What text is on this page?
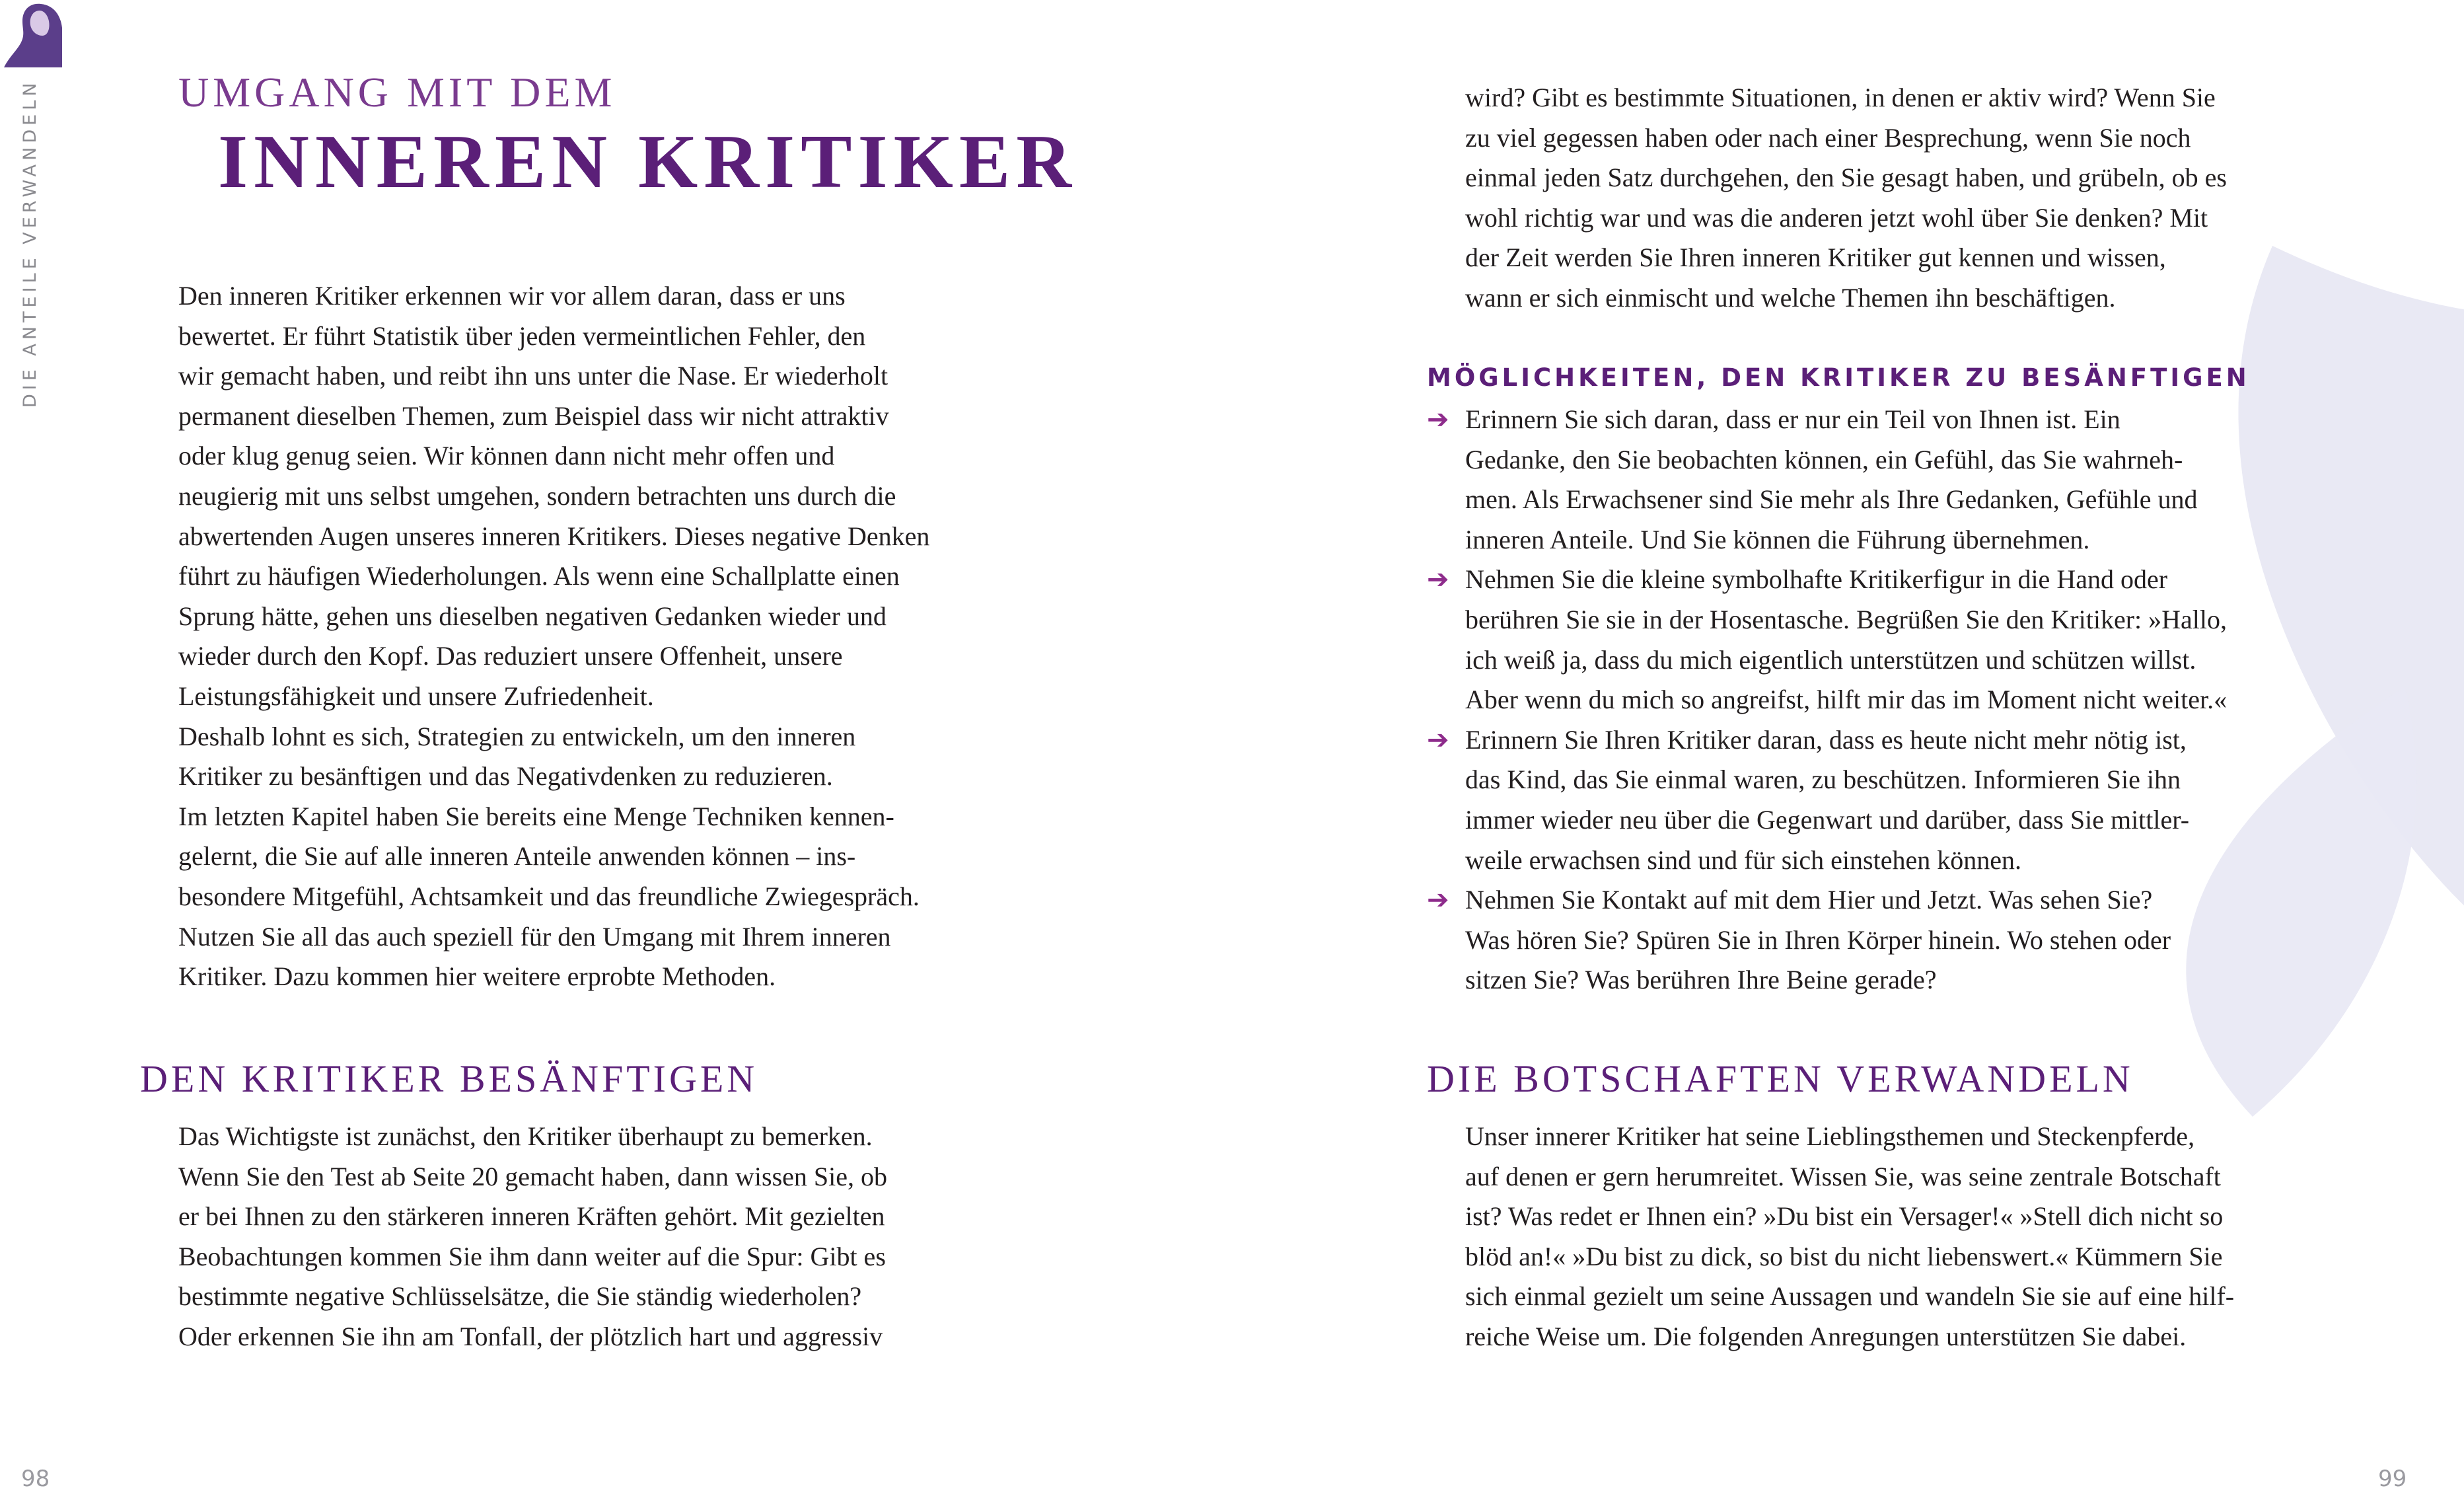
DIE ANTEILE VERWANDELN	UMGANG MIT DEM
INNEREN KRITIKER

Den inneren Kritiker erkennen wir vor allem daran, dass er uns

bewertet. Er führt Statistik über jeden vermeintlichen Fehler, den

wir gemacht haben, und reibt ihn uns unter die Nase. Er wiederholt

permanent dieselben Themen, zum Beispiel dass wir nicht attraktiv

oder klug genug seien. Wir können dann nicht mehr offen und

neugierig mit uns selbst umgehen, sondern betrachten uns durch die

abwertenden Augen unseres inneren Kritikers. Dieses negative Denken

führt zu häufigen Wiederholungen. Als wenn eine Schallplatte einen

Sprung hätte, gehen uns dieselben negativen Gedanken wieder und

wieder durch den Kopf. Das reduziert unsere Offenheit, unsere

Leistungsfähigkeit und unsere Zufriedenheit.

Deshalb lohnt es sich, Strategien zu entwickeln, um den inneren

Kritiker zu besänftigen und das Negativdenken zu reduzieren.

Im letzten Kapitel haben Sie bereits eine Menge Techniken kennen-

gelernt, die Sie auf alle inneren Anteile anwenden können – ins-

besondere Mitgefühl, Achtsamkeit und das freundliche Zwiegespräch.

Nutzen Sie all das auch speziell für den Umgang mit Ihrem inneren

Kritiker. Dazu kommen hier weitere erprobte Methoden.

DEN KRITIKER BESÄNFTIGEN

Das Wichtigste ist zunächst, den Kritiker überhaupt zu bemerken.

Wenn Sie den Test ab Seite 20 gemacht haben, dann wissen Sie, ob

er bei Ihnen zu den stärkeren inneren Kräften gehört. Mit gezielten

Beobachtungen kommen Sie ihm dann weiter auf die Spur: Gibt es

bestimmte negative Schlüsselsätze, die Sie ständig wiederholen?

Oder erkennen Sie ihn am Tonfall, der plötzlich hart und aggressiv

98

wird? Gibt es bestimmte Situationen, in denen er aktiv wird? Wenn Sie

zu viel gegessen haben oder nach einer Besprechung, wenn Sie noch

einmal jeden Satz durchgehen, den Sie gesagt haben, und grübeln, ob es

wohl richtig war und was die anderen jetzt wohl über Sie denken? Mit

der Zeit werden Sie Ihren inneren Kritiker gut kennen und wissen,

wann er sich einmischt und welche Themen ihn beschäftigen.

MÖGLICHKEITEN, DEN KRITIKER ZU BESÄNFTIGEN
➔ Erinnern Sie sich daran, dass er nur ein Teil von Ihnen ist. Ein

Gedanke, den Sie beobachten können, ein Gefühl, das Sie wahrneh-

men. Als Erwachsener sind Sie mehr als Ihre Gedanken, Gefühle und

inneren Anteile. Und Sie können die Führung übernehmen.

➔ Nehmen Sie die kleine symbolhafte Kritikerfigur in die Hand oder

berühren Sie sie in der Hosentasche. Begrüßen Sie den Kritiker: »Hallo,

ich weiß ja, dass du mich eigentlich unterstützen und schützen willst.

Aber wenn du mich so angreifst, hilft mir das im Moment nicht weiter.«

➔ Erinnern Sie Ihren Kritiker daran, dass es heute nicht mehr nötig ist,

das Kind, das Sie einmal waren, zu beschützen. Informieren Sie ihn

immer wieder neu über die Gegenwart und darüber, dass Sie mittler-

weile erwachsen sind und für sich einstehen können.

➔ Nehmen Sie Kontakt auf mit dem Hier und Jetzt. Was sehen Sie?

Was hören Sie? Spüren Sie in Ihren Körper hinein. Wo stehen oder

sitzen Sie? Was berühren Ihre Beine gerade?

DIE BOTSCHAFTEN VERWANDELN

Unser innerer Kritiker hat seine Lieblingsthemen und Steckenpferde,

auf denen er gern herumreitet. Wissen Sie, was seine zentrale Botschaft

ist? Was redet er Ihnen ein? »Du bist ein Versager!« »Stell dich nicht so

blöd an!« »Du bist zu dick, so bist du nicht liebenswert.« Kümmern Sie

sich einmal gezielt um seine Aussagen und wandeln Sie sie auf eine hilf-

reiche Weise um. Die folgenden Anregungen unterstützen Sie dabei.

99
